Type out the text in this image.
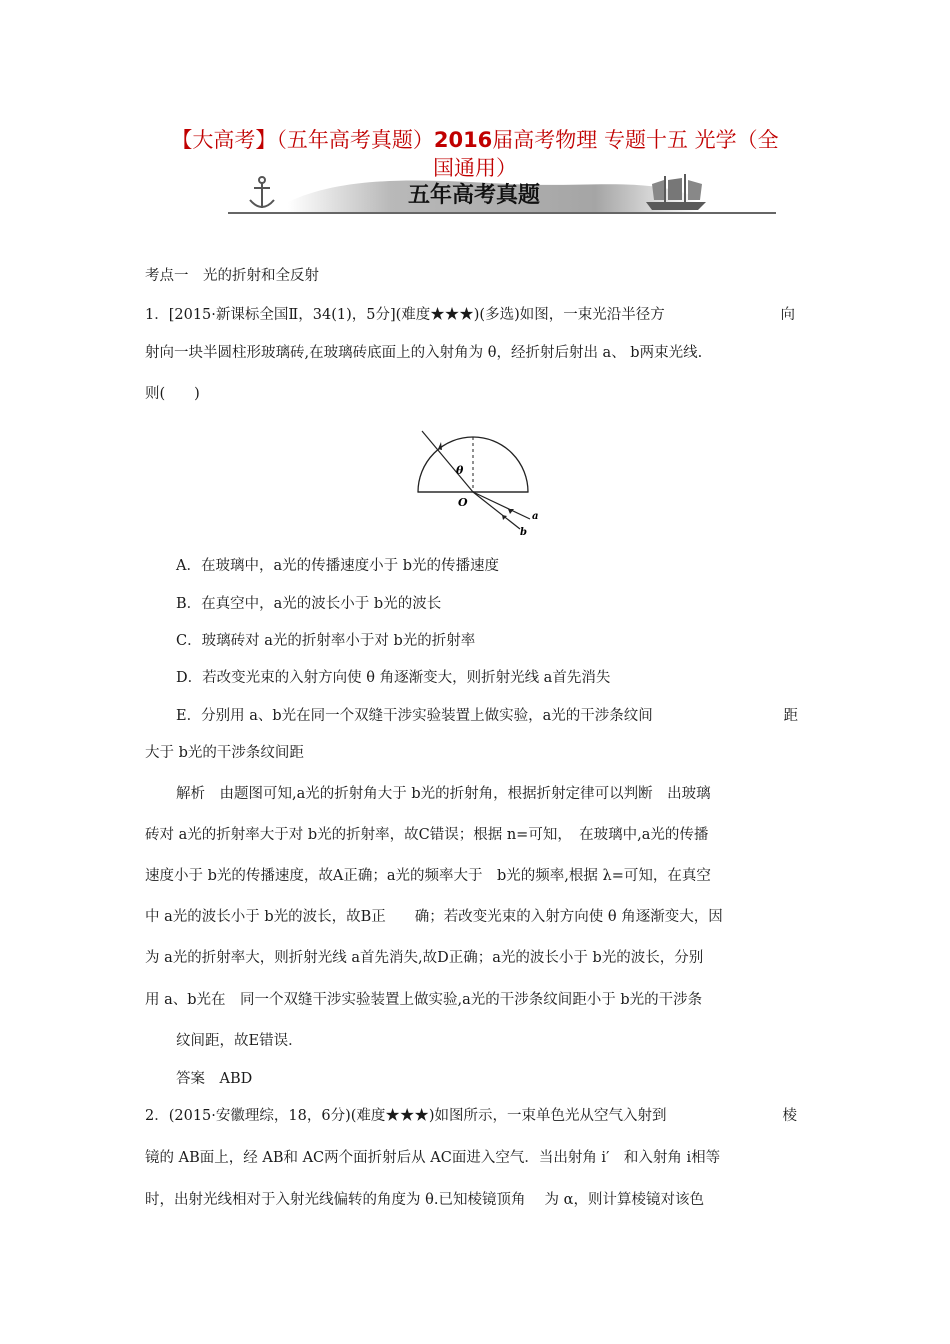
【大高考】（五年高考真题）2016届高考物理 专题十五 光学（全
国通用）
五年高考真题
考点一　光的折射和全反射
1．[2015·新课标全国Ⅱ，34(1)，5分](难度★★★)(多选)如图，一束光沿半径方	向
射向一块半圆柱形玻璃砖,在玻璃砖底面上的入射角为 θ，经折射后射出 a、 b两束光线.
则(　　)
θ
O
a
b
A．在玻璃中，a光的传播速度小于 b光的传播速度
B．在真空中，a光的波长小于 b光的波长
C．玻璃砖对 a光的折射率小于对 b光的折射率
D．若改变光束的入射方向使 θ 角逐渐变大，则折射光线 a首先消失
E．分别用 a、b光在同一个双缝干涉实验装置上做实验，a光的干涉条纹间	距
大于 b光的干涉条纹间距
解析　由题图可知,a光的折射角大于 b光的折射角，根据折射定律可以判断　出玻璃
砖对 a光的折射率大于对 b光的折射率，故C错误；根据 n=可知，　在玻璃中,a光的传播
速度小于 b光的传播速度，故A正确；a光的频率大于　b光的频率,根据 λ=可知，在真空
中 a光的波长小于 b光的波长，故B正　　确；若改变光束的入射方向使 θ 角逐渐变大，因
为 a光的折射率大，则折射光线 a首先消失,故D正确；a光的波长小于 b光的波长，分别
用 a、b光在　同一个双缝干涉实验装置上做实验,a光的干涉条纹间距小于 b光的干涉条
纹间距，故E错误．
答案　ABD
2．(2015·安徽理综，18，6分)(难度★★★)如图所示，一束单色光从空气入射到	棱
镜的 AB面上，经 AB和 AC两个面折射后从 AC面进入空气．当出射角 i′　和入射角 i相等
时，出射光线相对于入射光线偏转的角度为 θ.已知棱镜顶角　 为 α，则计算棱镜对该色
